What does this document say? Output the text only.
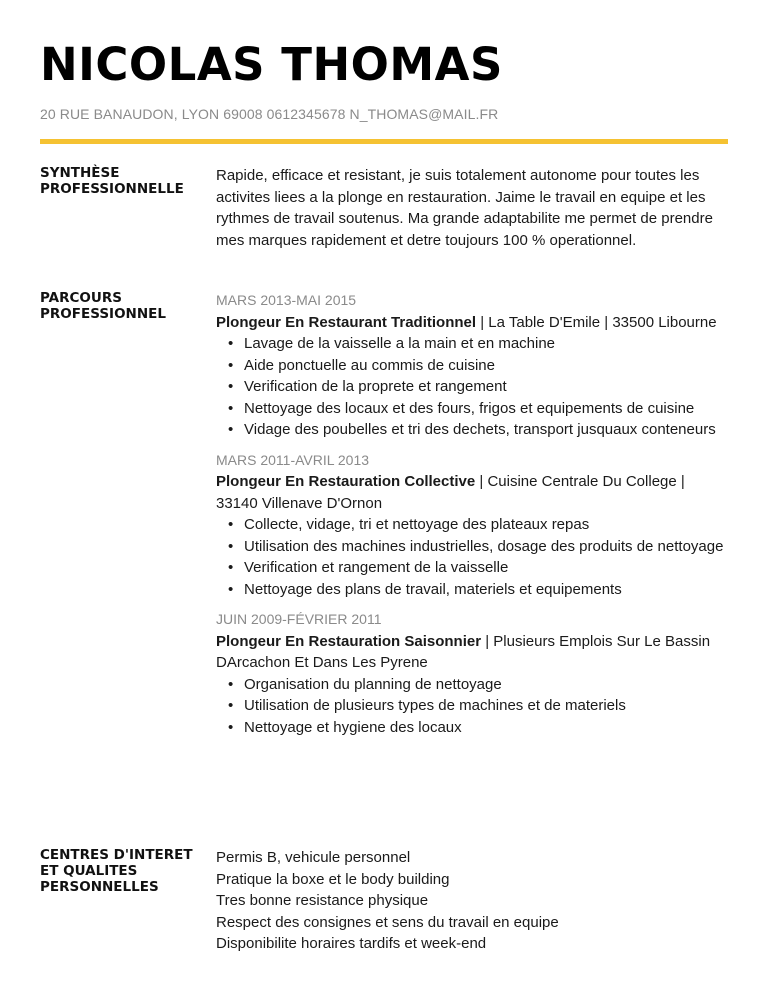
NICOLAS THOMAS
20 RUE BANAUDON, LYON 69008 0612345678 N_THOMAS@MAIL.FR
SYNTHÈSE PROFESSIONNELLE
Rapide, efficace et resistant, je suis totalement autonome pour toutes les activites liees a la plonge en restauration. Jaime le travail en equipe et les rythmes de travail soutenus. Ma grande adaptabilite me permet de prendre mes marques rapidement et detre toujours 100 % operationnel.
PARCOURS PROFESSIONNEL
MARS 2013-MAI 2015
Plongeur En Restaurant Traditionnel | La Table D'Emile | 33500 Libourne
• Lavage de la vaisselle a la main et en machine
• Aide ponctuelle au commis de cuisine
• Verification de la proprete et rangement
• Nettoyage des locaux et des fours, frigos et equipements de cuisine
• Vidage des poubelles et tri des dechets, transport jusquaux conteneurs
MARS 2011-AVRIL 2013
Plongeur En Restauration Collective | Cuisine Centrale Du College | 33140 Villenave D'Ornon
• Collecte, vidage, tri et nettoyage des plateaux repas
• Utilisation des machines industrielles, dosage des produits de nettoyage
• Verification et rangement de la vaisselle
• Nettoyage des plans de travail, materiels et equipements
JUIN 2009-FÉVRIER 2011
Plongeur En Restauration Saisonnier | Plusieurs Emplois Sur Le Bassin DArcachon Et Dans Les Pyrene
• Organisation du planning de nettoyage
• Utilisation de plusieurs types de machines et de materiels
• Nettoyage et hygiene des locaux
CENTRES D'INTERET ET QUALITES PERSONNELLES
Permis B, vehicule personnel
Pratique la boxe et le body building
Tres bonne resistance physique
Respect des consignes et sens du travail en equipe
Disponibilite horaires tardifs et week-end
